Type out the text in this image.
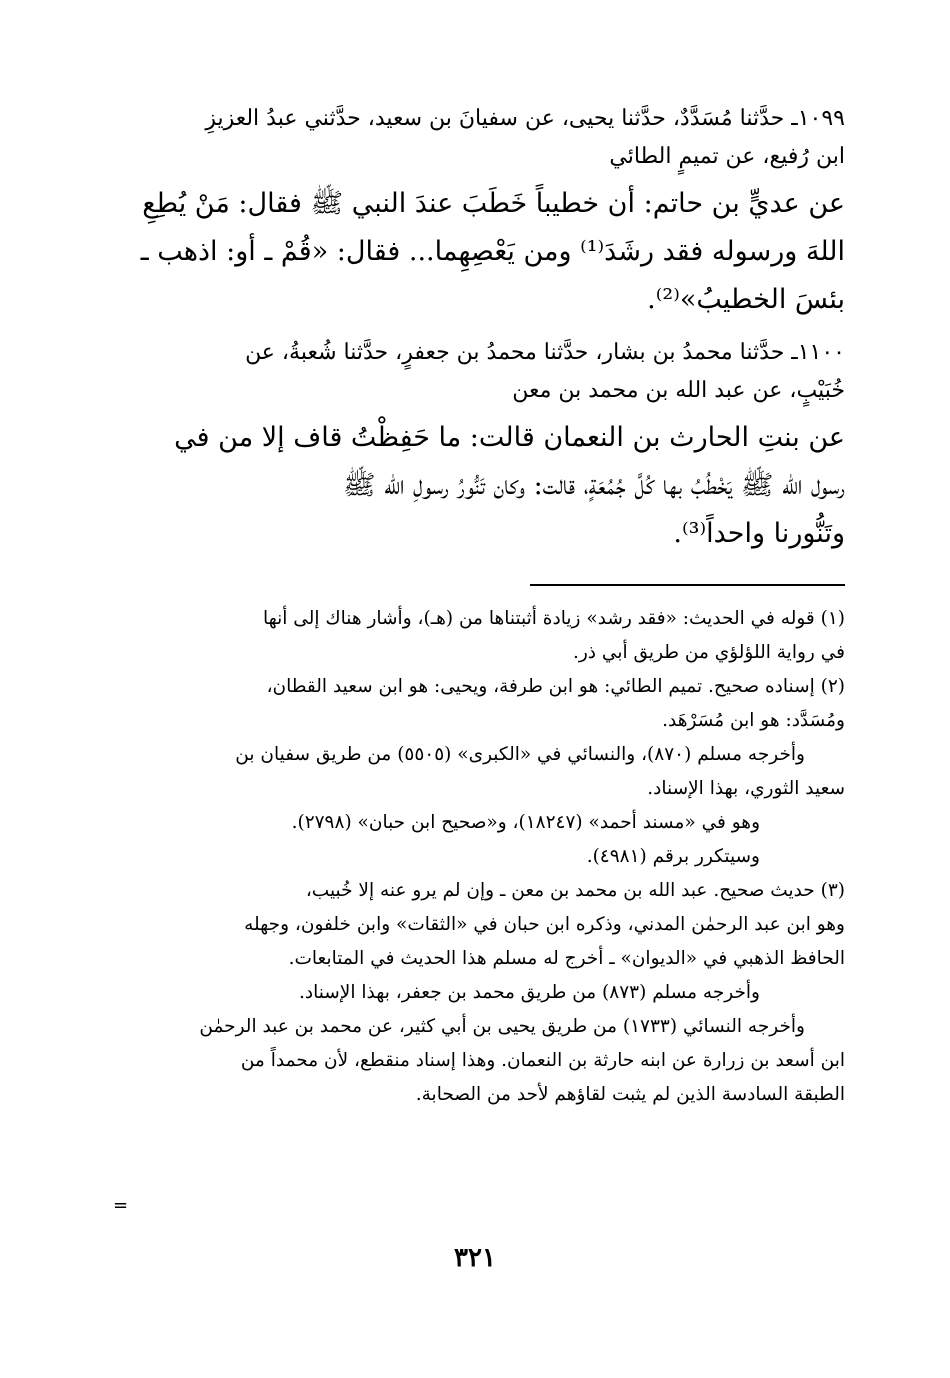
١٠٩٩ـ حدَّثنا مُسَدَّدٌ، حدَّثنا يحيى، عن سفيانَ بن سعيد، حدَّثني عبدُ العزيزِ
ابن رُفيع، عن تميمٍ الطائي
عن عديٍّ بن حاتم: أن خطيباً خَطَبَ عندَ النبي ﷺ فقال: مَنْ يُطِعِ
اللهَ ورسوله فقد رشَدَ⁽¹⁾ ومن يَعْصِهِما... فقال: «قُمْ ـ أو: اذهب ـ
بئسَ الخطيبُ»⁽²⁾.
١١٠٠ـ حدَّثنا محمدُ بن بشار، حدَّثنا محمدُ بن جعفرٍ، حدَّثنا شُعبةُ، عن
خُبَيْبٍ، عن عبد الله بن محمد بن معن
عن بنتِ الحارث بن النعمان قالت: ما حَفِظْتُ قاف إلا من في
رسول الله ﷺ يَخْطُبُ بها كُلَّ جُمُعَةٍ، قالت: وكان تَنُّورُ رسولِ الله ﷺ
وتَنُّورنا واحداً⁽³⁾.
(١) قوله في الحديث: «فقد رشد» زيادة أثبتناها من (هـ)، وأشار هناك إلى أنها
في رواية اللؤلؤي من طريق أبي ذر.
(٢) إسناده صحيح. تميم الطائي: هو ابن طرفة، ويحيى: هو ابن سعيد القطان،
ومُسَدَّد: هو ابن مُسَرْهَد.
وأخرجه مسلم (٨٧٠)، والنسائي في «الكبرى» (٥٥٠٥) من طريق سفيان بن
سعيد الثوري، بهذا الإسناد.
وهو في «مسند أحمد» (١٨٢٤٧)، و«صحيح ابن حبان» (٢٧٩٨).
وسيتكرر برقم (٤٩٨١).
(٣) حديث صحيح. عبد الله بن محمد بن معن ـ وإن لم يرو عنه إلا خُبيب،
وهو ابن عبد الرحمٰن المدني، وذكره ابن حبان في «الثقات» وابن خلفون، وجهله
الحافظ الذهبي في «الديوان» ـ أخرج له مسلم هذا الحديث في المتابعات.
وأخرجه مسلم (٨٧٣) من طريق محمد بن جعفر، بهذا الإسناد.
وأخرجه النسائي (١٧٣٣) من طريق يحيى بن أبي كثير، عن محمد بن عبد الرحمٰن
ابن أسعد بن زرارة عن ابنه حارثة بن النعمان. وهذا إسناد منقطع، لأن محمداً من
الطبقة السادسة الذين لم يثبت لقاؤهم لأحد من الصحابة.
=
٣٢١
